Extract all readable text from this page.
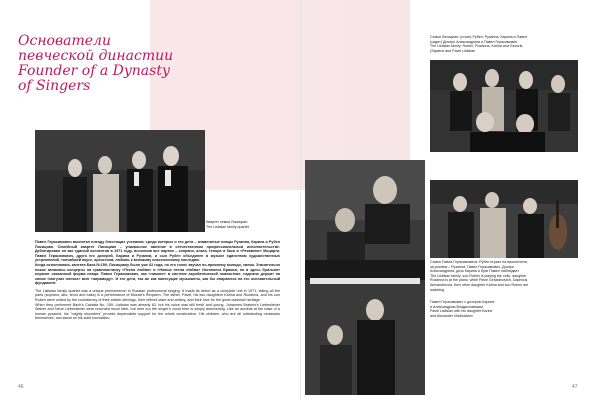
Основатели
певческой династии
Founder of a Dynasty
of Singers
Квартет семьи Лисициан.
The Lisitsian family quartet

Павел Герасимович воспитал плеяду блестящих учеников, среди которых и его дети – знаменитые певцы Рузанна, Карина и Рубен Лисициан. Семейный квартет Лисициан – уникальное явление в отечественном профессиональном исполнительстве. Дебютировал он как единый коллектив в 1971 году, исполнив все партии – сопрано, альта, тенора и баса в «Реквиеме» Моцарта. Павел Герасимович, друга его дочерей, Карина и Рузанна, и сын Рубен объединен в музыке единством художественных устремлений, тончайшей вкусе, артистизм, любовь к великому классическому наследию.

Когда исполнялась кантата Баха №159, Лисициану было уже 62 года, но его голос звучал по-прежнему молодо, свежо. Значительно позже записаны концерты на грампластинку «Песня любви» и «Новые песни любви» Иоганнеса Брамса, но и здесь брильянт поразит оказанный форма певца. Павел Герасимович, как «нимнее» в системе акробатической гимнастике, надежно держит на своих «могучих плечах» всю «пирамиду». И его дети, так же как нанесущие музыканты, как бы опираются на его основательный фундамент.

The Lisitsian family quartet was a unique phenomenon in Russian professional singing. It made its debut as a complete unit in 1971, taking all the parts (soprano, alto, tenor and bass) in a performance of Mozart's Requiem. The father, Pavel, his two daughters Karina and Ruzanna, and his son Ruben were united by the consistency of their artistic strivings, their refined taste and artistry, and their love for the great classical heritage.

When they performed Bach's Cantata No. 159, Lisitsian was already 62, but his voice was still fresh and young. Johannes Brahms's Liebeslieder Walzer and Neue Liebeslieder were recorded much later, but here too the singer's vocal form is simply astonishing. Like an acrobat at the base of a human pyramid, his "mighty shoulders" provide dependable support for the whole construction. His children, who are all outstanding musicians themselves, can stand on his solid foundation.

Семья Лисициан: (стоят) Рубен, Рузанна, Карина и Павел.
(сидит) Дочерь Александрина и Павел Герасимович.
The Lisitsian family: Ruben, Ruzanna, Karina and Gevorki,
(Sapiens and Pavel Lisitsian
Семья Павла Герасимовича: Рубен играет на виолончели,
за роялем – Рузанна, Павел Герасимович, Дочерь
Александрина, дочь Карина и брат Павел наблюдает
The Lisitsian family: son Ruben is playing the cello, daughter
Ruzanna is at the piano, while Pavel Gerasimovich, Daphnus
Alexandrovna, their other daughter Karina and son Ruben are
watching
Павел Герасимович с дочерью Карине
и Александром Владиславским
Pavel Lisitsian with his daughter Karine
and Alexander Vladislavlev
46	47
